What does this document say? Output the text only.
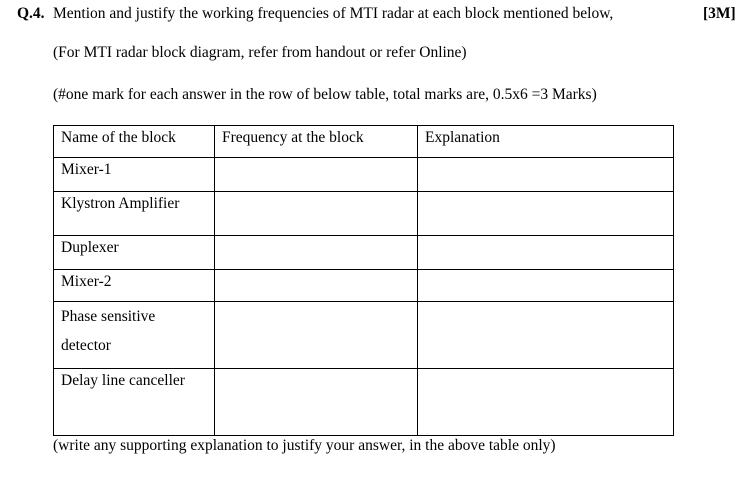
Q.4. Mention and justify the working frequencies of MTI radar at each block mentioned below,	[3M]
(For MTI radar block diagram, refer from handout or refer Online)
(#one mark for each answer in the row of below table, total marks are, 0.5x6 =3 Marks)
Name of the block	Frequency at the block	Explanation

Mixer-1		

Klystron Amplifier		

Duplexer		

Mixer-2		

Phase sensitive
detector		

Delay line canceller		

(write any supporting explanation to justify your answer, in the above table only)
